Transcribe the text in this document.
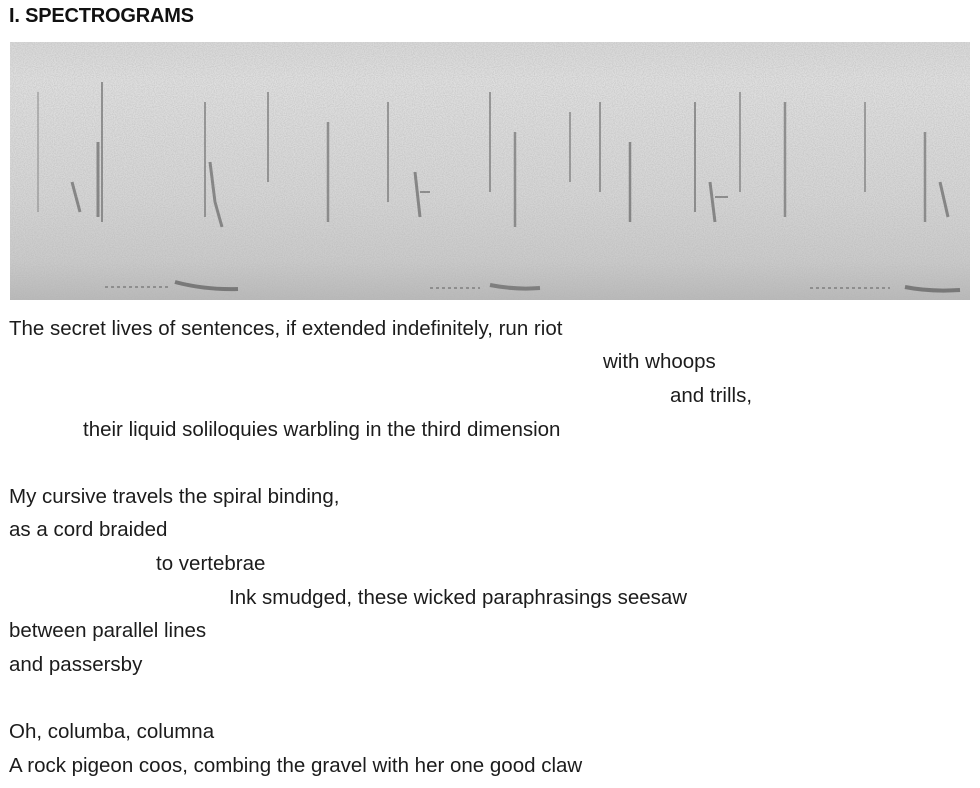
I. SPECTROGRAMS
The secret lives of sentences, if extended indefinitely, run riot
with whoops
and trills,
their liquid soliloquies warbling in the third dimension
My cursive travels the spiral binding,
as a cord braided
to vertebrae
Ink smudged, these wicked paraphrasings seesaw
between parallel lines
and passersby
Oh, columba, columna
A rock pigeon coos, combing the gravel with her one good claw
